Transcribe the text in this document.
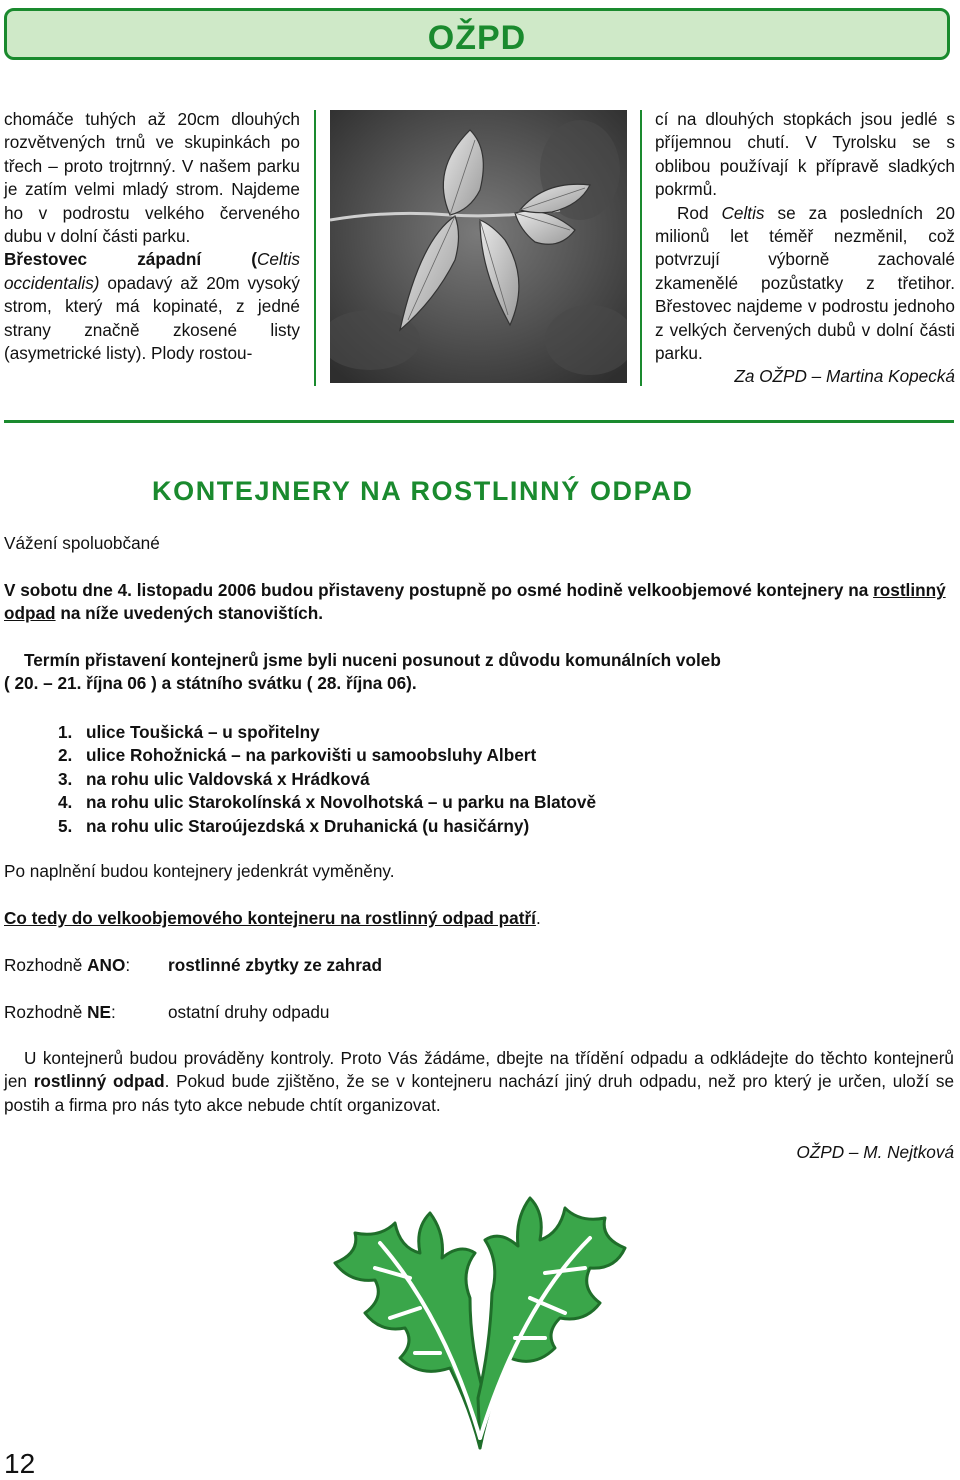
OŽPD

chomáče tuhých až 20cm dlouhých rozvětvených trnů ve skupinkách po třech – proto trojtrnný. V našem parku je zatím velmi mladý strom. Najdeme ho v podrostu velkého červeného dubu v dolní části parku.

Břestovec západní (Celtis occidentalis) opadavý až 20m vysoký strom, který má kopinaté, z jedné strany značně zkosené listy (asymetrické listy). Plody rostou-

cí na dlouhých stopkách jsou jedlé s příjemnou chutí. V Tyrolsku se s oblibou používají k přípravě sladkých pokrmů.

Rod Celtis se za posledních 20 milionů let téměř nezměnil, což potvrzují výborně zachovalé zkamenělé pozůstatky z třetihor. Břestovec najdeme v podrostu jednoho z velkých červených dubů v dolní části parku.

Za OŽPD – Martina Kopecká

KONTEJNERY NA ROSTLINNÝ ODPAD
Vážení spoluobčané
V sobotu dne 4. listopadu 2006 budou přistaveny postupně po osmé hodině velkoobjemové kontejnery na rostlinný odpad na níže uvedených stanovištích.
Termín přistavení kontejnerů jsme byli nuceni posunout z důvodu komunálních voleb
( 20. – 21. října 06 ) a státního svátku ( 28. října 06).
1. ulice Toušická – u spořitelny
2. ulice Rohožnická – na parkovišti u samoobsluhy Albert
3. na rohu ulic Valdovská x Hrádková
4. na rohu ulic Starokolínská x Novolhotská – u parku na Blatově
5. na rohu ulic Staroújezdská x Druhanická (u hasičárny)
Po naplnění budou kontejnery jedenkrát vyměněny.
Co tedy do velkoobjemového kontejneru na rostlinný odpad patří.
Rozhodně ANO: rostlinné zbytky ze zahrad
Rozhodně NE:	ostatní druhy odpadu
U kontejnerů budou prováděny kontroly. Proto Vás žádáme, dbejte na třídění odpadu a odkládejte do těchto kontejnerů jen rostlinný odpad. Pokud bude zjištěno, že se v kontejneru nachází jiný druh odpadu, než pro který je určen, uloží se postih a firma pro nás tyto akce nebude chtít organizovat.
OŽPD – M. Nejtková
12
